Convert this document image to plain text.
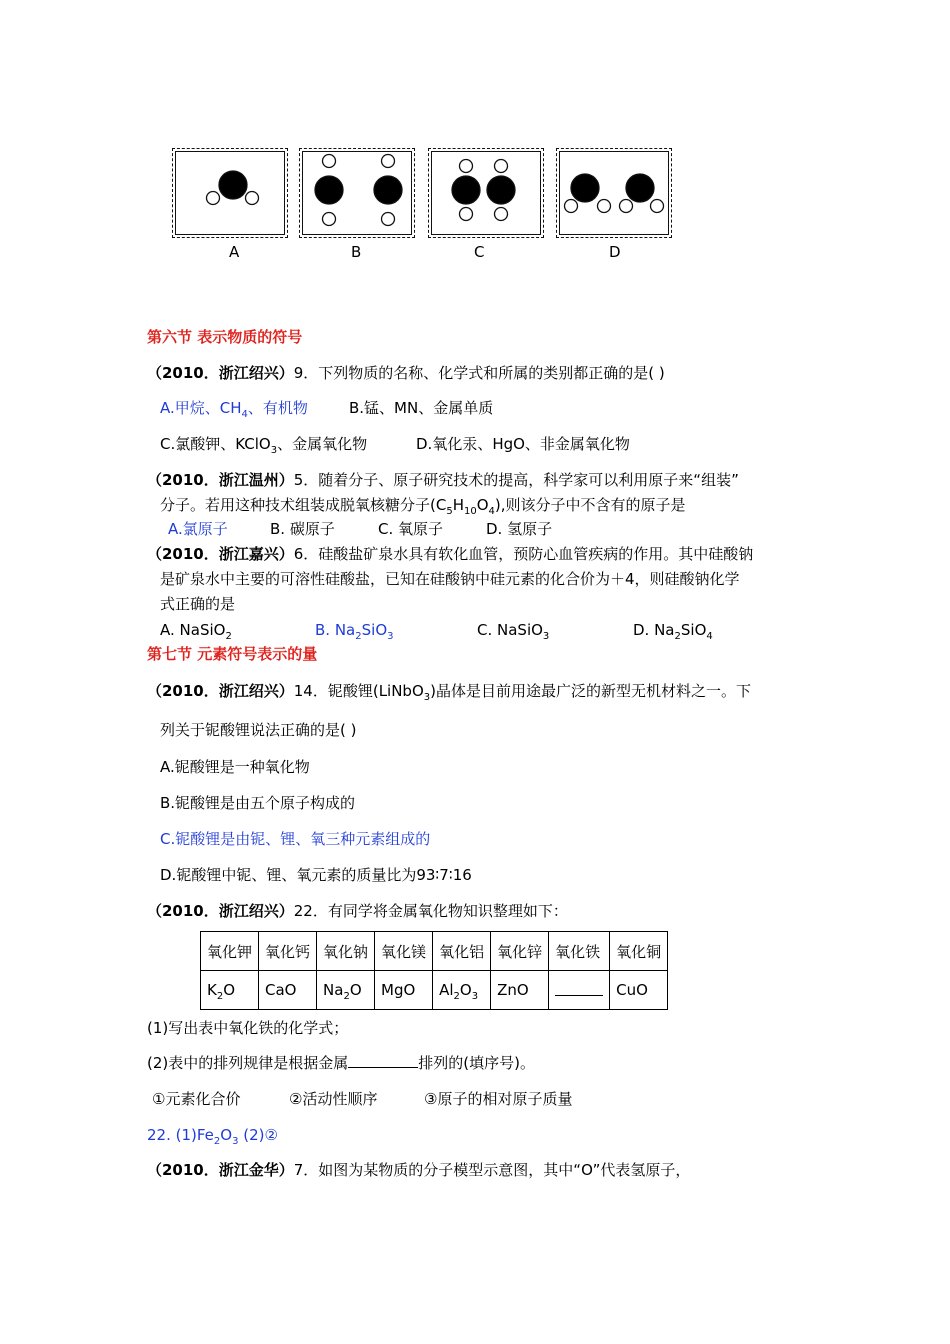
A	B	C	D
第六节 表示物质的符号
（2010．浙江绍兴）9．下列物质的名称、化学式和所属的类别都正确的是( )
A.甲烷、$CH_4$、有机物	B.锰、MN、金属单质
C.氯酸钾、KClO$_3$、金属氧化物	D.氧化汞、HgO、非金属氧化物
（2010．浙江温州）5．随着分子、原子研究技术的提高，科学家可以利用原子来“组装”
分子。若用这种技术组装成脱氧核糖分子$(C_5H_{10}O_4)$,则该分子中不含有的原子是
A.氯原子	B. 碳原子	C. 氧原子	D. 氢原子
（2010．浙江嘉兴）6．硅酸盐矿泉水具有软化血管，预防心血管疾病的作用。其中硅酸钠
是矿泉水中主要的可溶性硅酸盐，已知在硅酸钠中硅元素的化合价为＋4，则硅酸钠化学
式正确的是
A. NaSiO$_2$	B. $Na_2SiO_3$	C. NaSiO$_3$	D. $Na_2SiO_4$
第七节 元素符号表示的量
（2010．浙江绍兴）14．铌酸锂(LiNbO$_3$)晶体是目前用途最广泛的新型无机材料之一。下
列关于铌酸锂说法正确的是( )
A.铌酸锂是一种氧化物
B.铌酸锂是由五个原子构成的
C.铌酸锂是由铌、锂、氧三种元素组成的
D.铌酸锂中铌、锂、氧元素的质量比为93∶7∶16
（2010．浙江绍兴）22．有同学将金属氧化物知识整理如下：
氧化钾	氧化钙	氧化钠	氧化镁	氧化铝	氧化锌	氧化铁	氧化铜
$K_2O$	CaO	$Na_2O$	MgO	$Al_2O_3$	ZnO		CuO
(1)写出表中氧化铁的化学式；
(2)表中的排列规律是根据金属	排列的(填序号)。
①元素化合价	②活动性顺序	③原子的相对原子质量
22. $(1)Fe_2O_3$ (2)②
（2010．浙江金华）7．如图为某物质的分子模型示意图，其中“O”代表氢原子，
